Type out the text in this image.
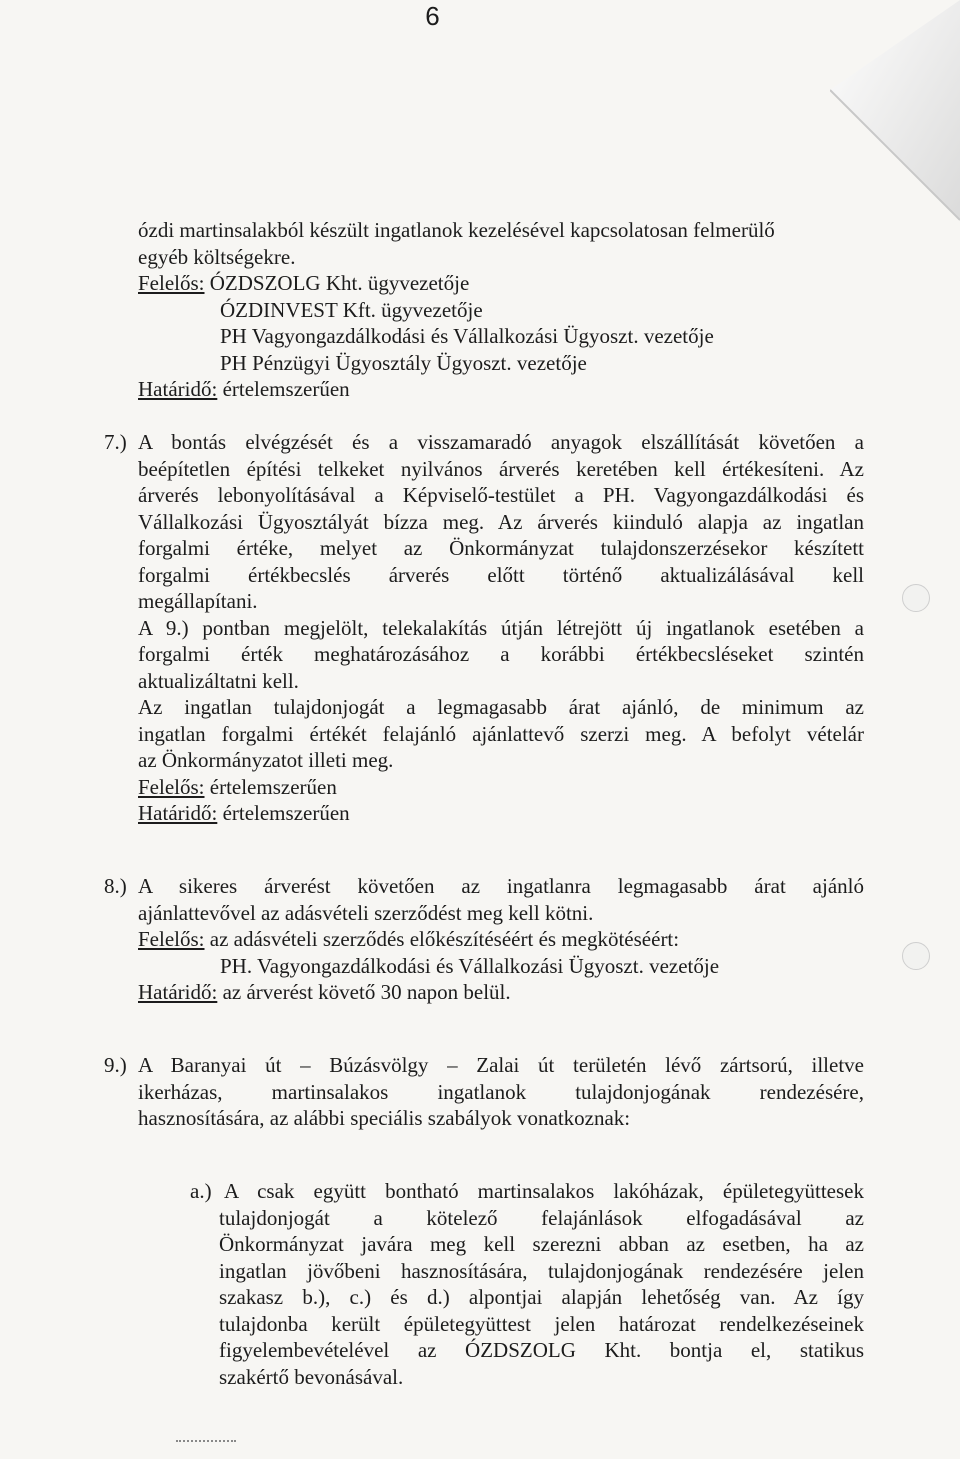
6
ózdi martinsalakból készült ingatlanok kezelésével kapcsolatosan felmerülő
egyéb költségekre.
Felelős: ÓZDSZOLG Kht. ügyvezetője
ÓZDINVEST Kft. ügyvezetője
PH Vagyongazdálkodási és Vállalkozási Ügyoszt. vezetője
PH Pénzügyi Ügyosztály Ügyoszt. vezetője
Határidő: értelemszerűen
7.) A bontás elvégzését és a visszamaradó anyagok elszállítását követően a
beépítetlen építési telkeket nyilvános árverés keretében kell értékesíteni. Az
árverés lebonyolításával a Képviselő-testület a PH. Vagyongazdálkodási és
Vállalkozási Ügyosztályát bízza meg. Az árverés kiinduló alapja az ingatlan
forgalmi értéke, melyet az Önkormányzat tulajdonszerzésekor készített
forgalmi értékbecslés árverés előtt történő aktualizálásával kell
megállapítani.
A 9.) pontban megjelölt, telekalakítás útján létrejött új ingatlanok esetében a
forgalmi érték meghatározásához a korábbi értékbecsléseket szintén
aktualizáltatni kell.
Az ingatlan tulajdonjogát a legmagasabb árat ajánló, de minimum az
ingatlan forgalmi értékét felajánló ajánlattevő szerzi meg. A befolyt vételár
az Önkormányzatot illeti meg.
Felelős: értelemszerűen
Határidő: értelemszerűen
8.) A sikeres árverést követően az ingatlanra legmagasabb árat ajánló
ajánlattevővel az adásvételi szerződést meg kell kötni.
Felelős: az adásvételi szerződés előkészítéséért és megkötéséért:
PH. Vagyongazdálkodási és Vállalkozási Ügyoszt. vezetője
Határidő: az árverést követő 30 napon belül.
9.) A Baranyai út – Búzásvölgy – Zalai út területén lévő zártsorú, illetve
ikerházas, martinsalakos ingatlanok tulajdonjogának rendezésére,
hasznosítására, az alábbi speciális szabályok vonatkoznak:
a.) A csak együtt bontható martinsalakos lakóházak, épületegyüttesek
tulajdonjogát a kötelező felajánlások elfogadásával az
Önkormányzat javára meg kell szerezni abban az esetben, ha az
ingatlan jövőbeni hasznosítására, tulajdonjogának rendezésére jelen
szakasz b.), c.) és d.) alpontjai alapján lehetőség van. Az így
tulajdonba került épületegyüttest jelen határozat rendelkezéseinek
figyelembevételével az ÓZDSZOLG Kht. bontja el, statikus
szakértő bevonásával.
